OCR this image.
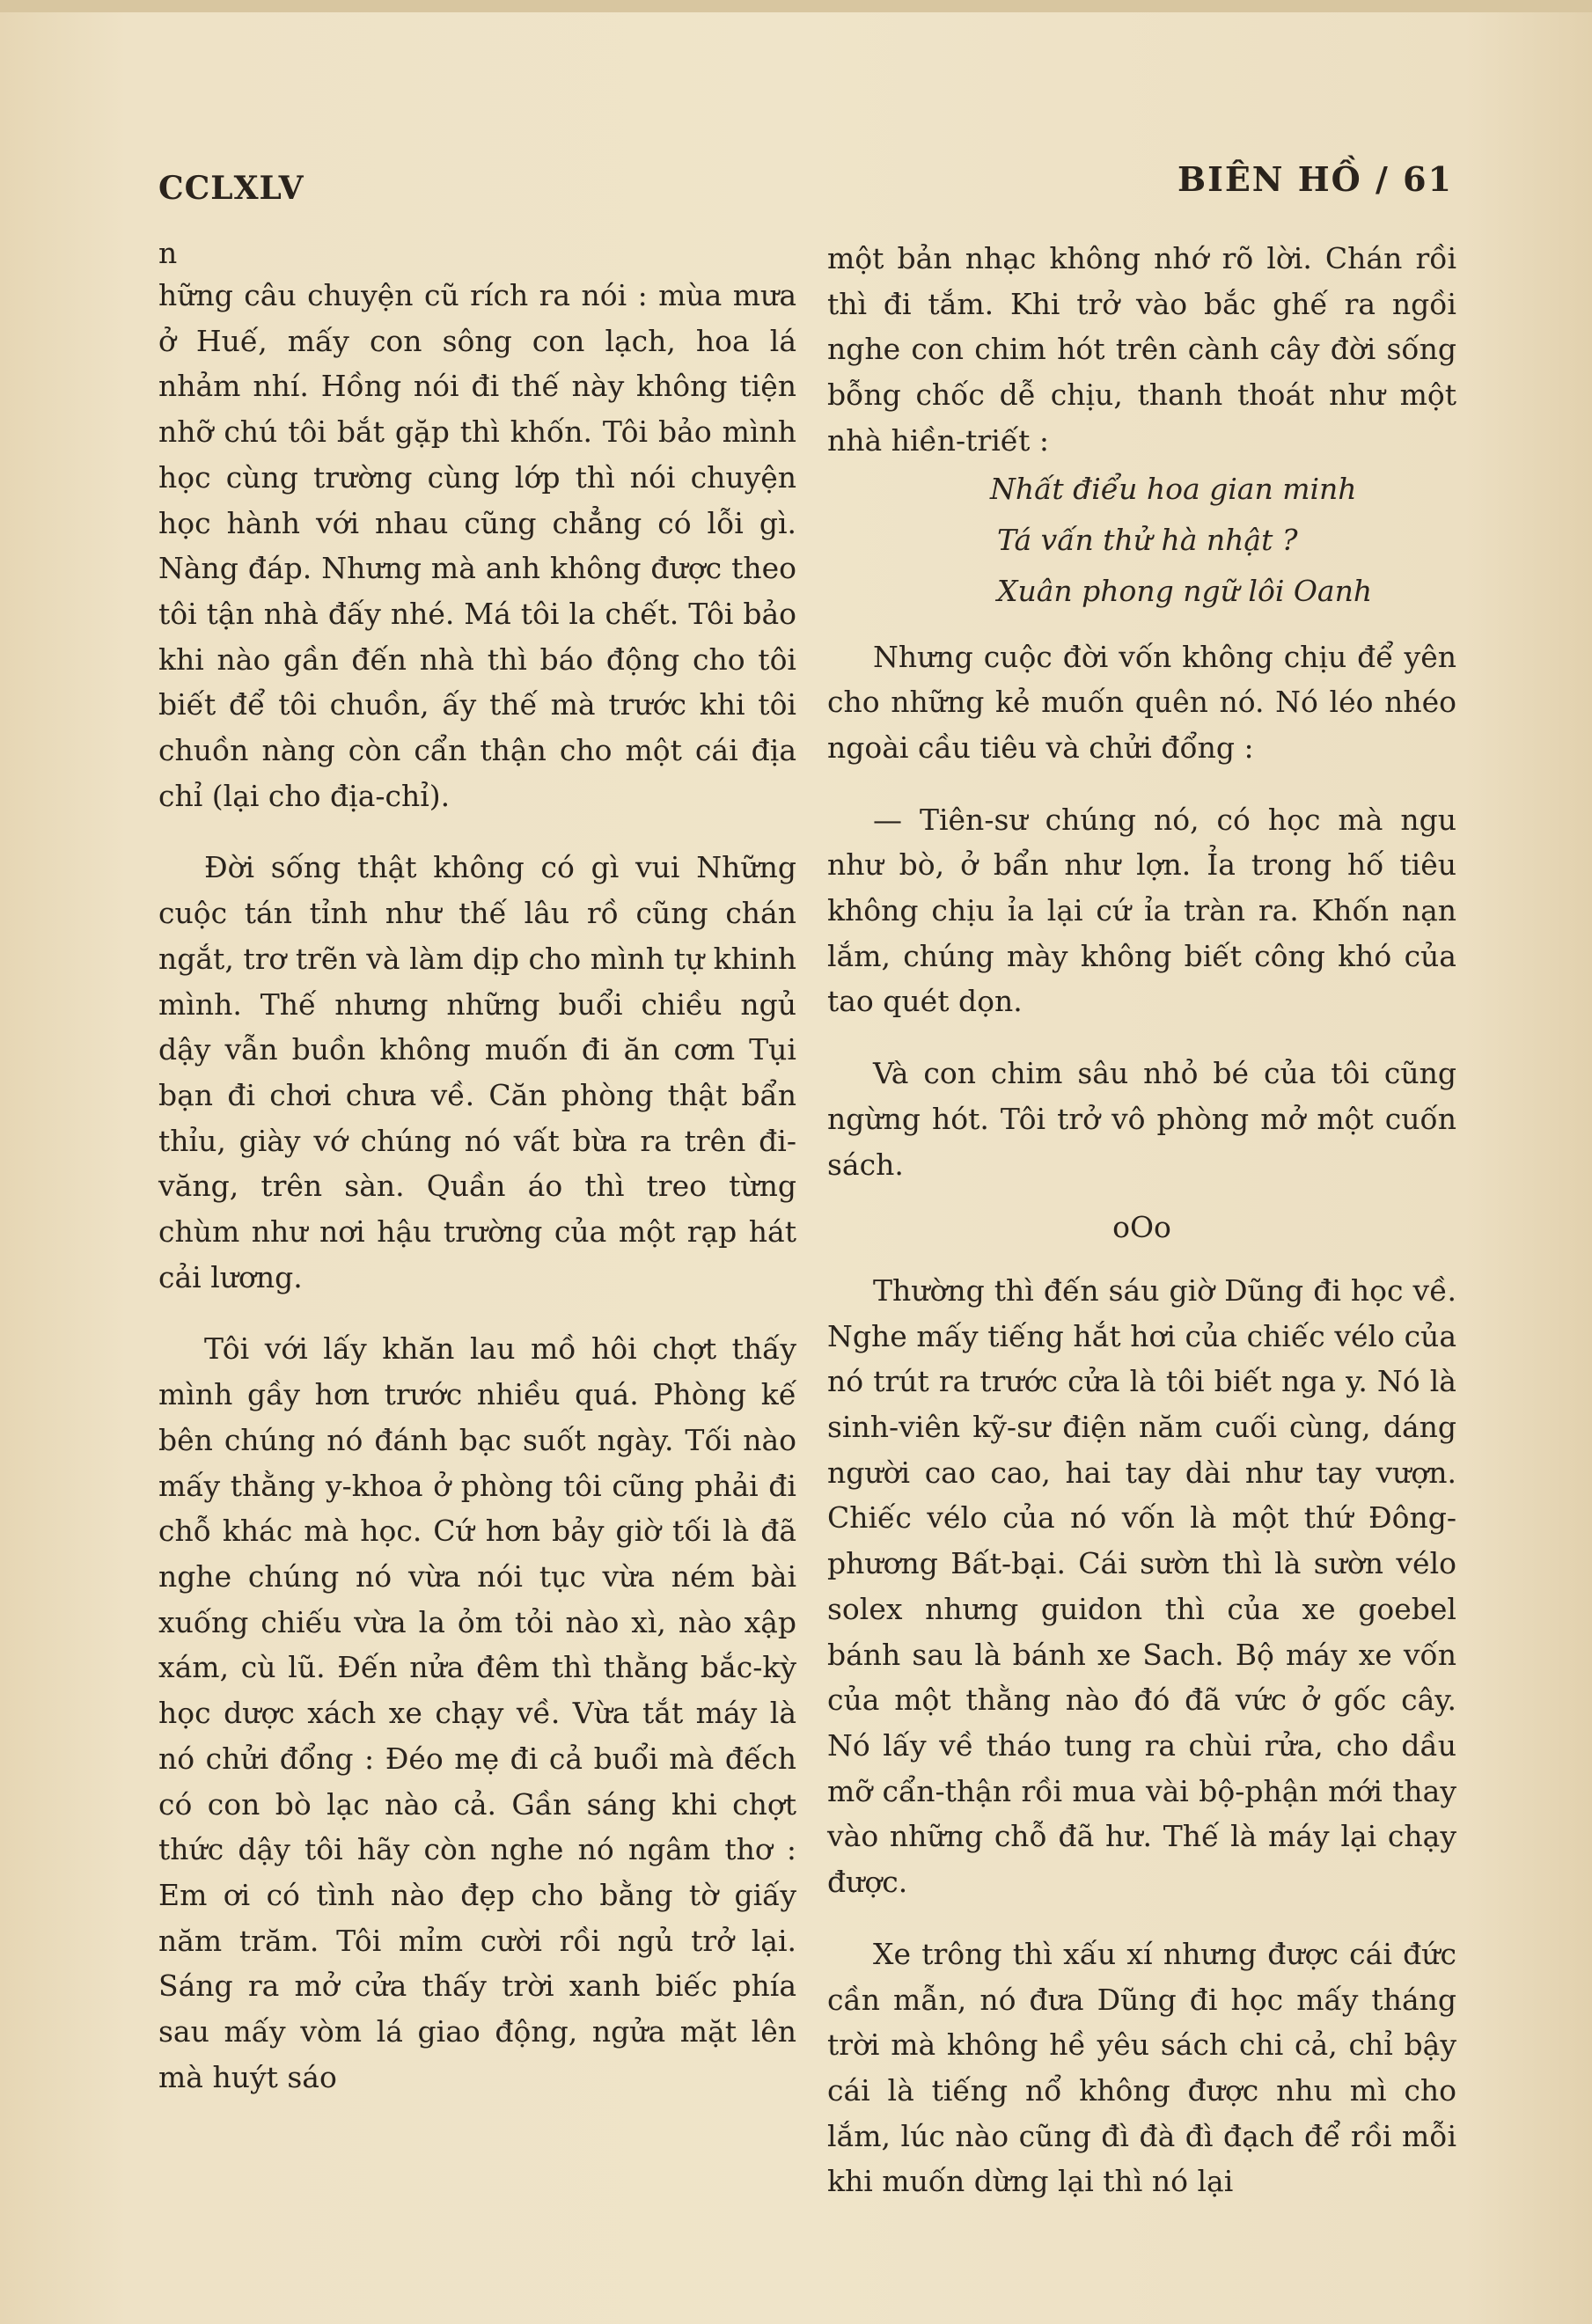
CCLXLV	BIÊN HỒ / 61
n

hững câu chuyện cũ rích ra nói : mùa mưa ở Huế, mấy con sông con lạch, hoa lá nhảm nhí. Hồng nói đi thế này không tiện nhỡ chú tôi bắt gặp thì khốn. Tôi bảo mình học cùng trường cùng lớp thì nói chuyện học hành với nhau cũng chẳng có lỗi gì. Nàng đáp. Nhưng mà anh không được theo tôi tận nhà đấy nhé. Má tôi la chết. Tôi bảo khi nào gần đến nhà thì báo động cho tôi biết để tôi chuồn, ấy thế mà trước khi tôi chuồn nàng còn cẩn thận cho một cái địa chỉ (lại cho địa-chỉ).

Đời sống thật không có gì vui Những cuộc tán tỉnh như thế lâu rồ cũng chán ngắt, trơ trẽn và làm dịp cho mình tự khinh mình. Thế nhưng những buổi chiều ngủ dậy vẫn buồn không muốn đi ăn cơm Tụi bạn đi chơi chưa về. Căn phòng thật bẩn thỉu, giày vớ chúng nó vất bừa ra trên đi-văng, trên sàn. Quần áo thì treo từng chùm như nơi hậu trường của một rạp hát cải lương.

Tôi với lấy khăn lau mồ hôi chợt thấy mình gầy hơn trước nhiều quá. Phòng kế bên chúng nó đánh bạc suốt ngày. Tối nào mấy thằng y-khoa ở phòng tôi cũng phải đi chỗ khác mà học. Cứ hơn bảy giờ tối là đã nghe chúng nó vừa nói tục vừa ném bài xuống chiếu vừa la ỏm tỏi nào xì, nào xập xám, cù lũ. Đến nửa đêm thì thằng bắc-kỳ học dược xách xe chạy về. Vừa tắt máy là nó chửi đổng : Đéo mẹ đi cả buổi mà đếch có con bò lạc nào cả. Gần sáng khi chợt thức dậy tôi hãy còn nghe nó ngâm thơ : Em ơi có tình nào đẹp cho bằng tờ giấy năm trăm. Tôi mỉm cười rồi ngủ trở lại. Sáng ra mở cửa thấy trời xanh biếc phía sau mấy vòm lá giao động, ngửa mặt lên mà huýt sáo

một bản nhạc không nhớ rõ lời. Chán rồi thì đi tắm. Khi trở vào bắc ghế ra ngồi nghe con chim hót trên cành cây đời sống bỗng chốc dễ chịu, thanh thoát như một nhà hiền-triết :

Nhất điểu hoa gian minh
Tá vấn thử hà nhật ?
Xuân phong ngữ lôi Oanh

Nhưng cuộc đời vốn không chịu để yên cho những kẻ muốn quên nó. Nó léo nhéo ngoài cầu tiêu và chửi đổng :

— Tiên-sư chúng nó, có học mà ngu như bò, ở bẩn như lợn. Ỉa trong hố tiêu không chịu ỉa lại cứ ỉa tràn ra. Khốn nạn lắm, chúng mày không biết công khó của tao quét dọn.

Và con chim sâu nhỏ bé của tôi cũng ngừng hót. Tôi trở vô phòng mở một cuốn sách.

oOo

Thường thì đến sáu giờ Dũng đi học về. Nghe mấy tiếng hắt hơi của chiếc vélo của nó trút ra trước cửa là tôi biết nga y. Nó là sinh-viên kỹ-sư điện năm cuối cùng, dáng người cao cao, hai tay dài như tay vượn. Chiếc vélo của nó vốn là một thứ Đông-phương Bất-bại. Cái sườn thì là sườn vélo solex nhưng guidon thì của xe goebel bánh sau là bánh xe Sach. Bộ máy xe vốn của một thằng nào đó đã vức ở gốc cây. Nó lấy về tháo tung ra chùi rửa, cho dầu mỡ cẩn-thận rồi mua vài bộ-phận mới thay vào những chỗ đã hư. Thế là máy lại chạy được.

Xe trông thì xấu xí nhưng được cái đức cần mẫn, nó đưa Dũng đi học mấy tháng trời mà không hề yêu sách chi cả, chỉ bậy cái là tiếng nổ không được nhu mì cho lắm, lúc nào cũng đì đà đì đạch để rồi mỗi khi muốn dừng lại thì nó lại
